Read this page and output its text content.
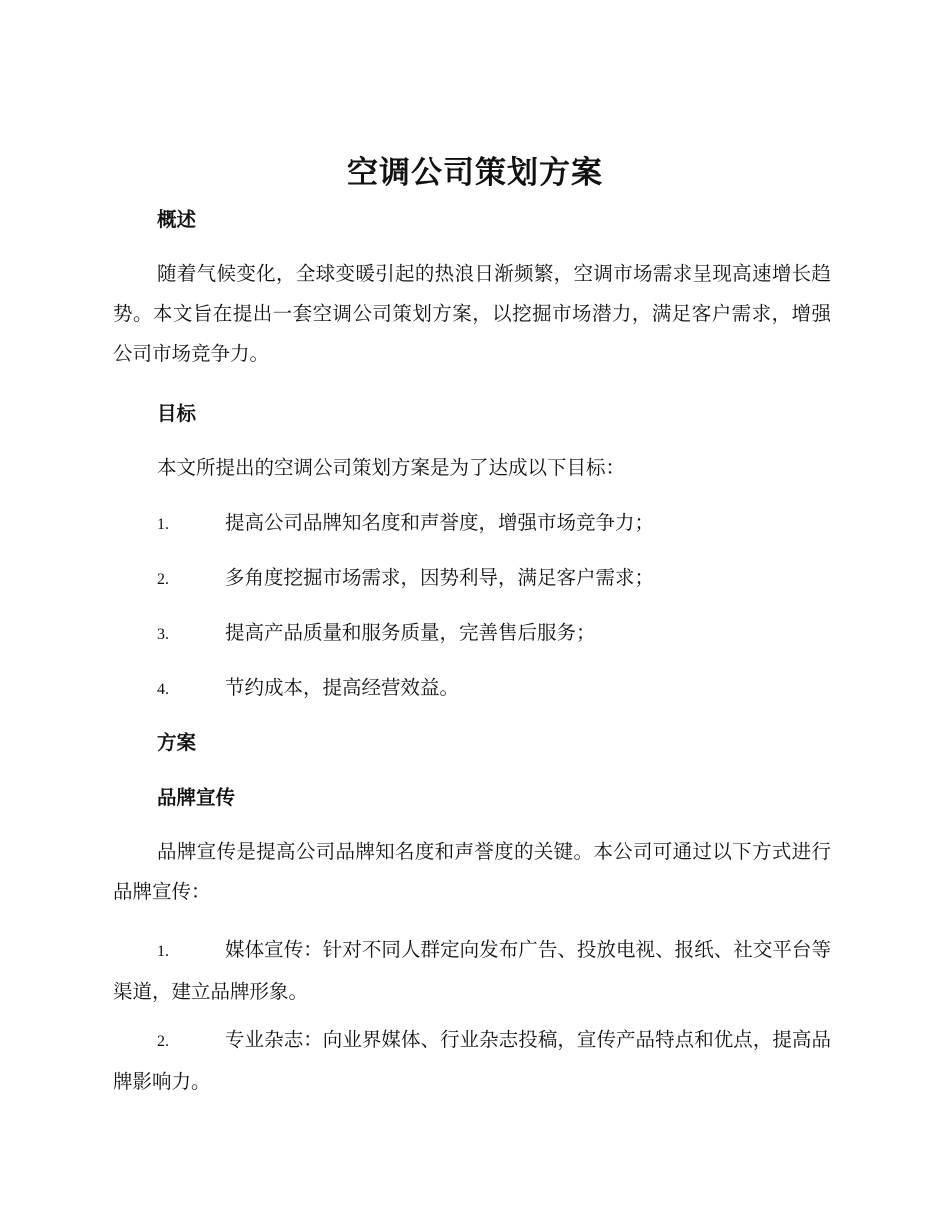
空调公司策划方案
概述

随着气候变化，全球变暖引起的热浪日渐频繁，空调市场需求呈现高速增长趋势。本文旨在提出一套空调公司策划方案，以挖掘市场潜力，满足客户需求，增强公司市场竞争力。

目标
本文所提出的空调公司策划方案是为了达成以下目标：
1.	提高公司品牌知名度和声誉度，增强市场竞争力；
2.	多角度挖掘市场需求，因势利导，满足客户需求；
3.	提高产品质量和服务质量，完善售后服务；
4.	节约成本，提高经营效益。
方案
品牌宣传

品牌宣传是提高公司品牌知名度和声誉度的关键。本公司可通过以下方式进行品牌宣传：

1.	媒体宣传：针对不同人群定向发布广告、投放电视、报纸、社交平台等渠道，建立品牌形象。

2.	专业杂志：向业界媒体、行业杂志投稿，宣传产品特点和优点，提高品牌影响力。
